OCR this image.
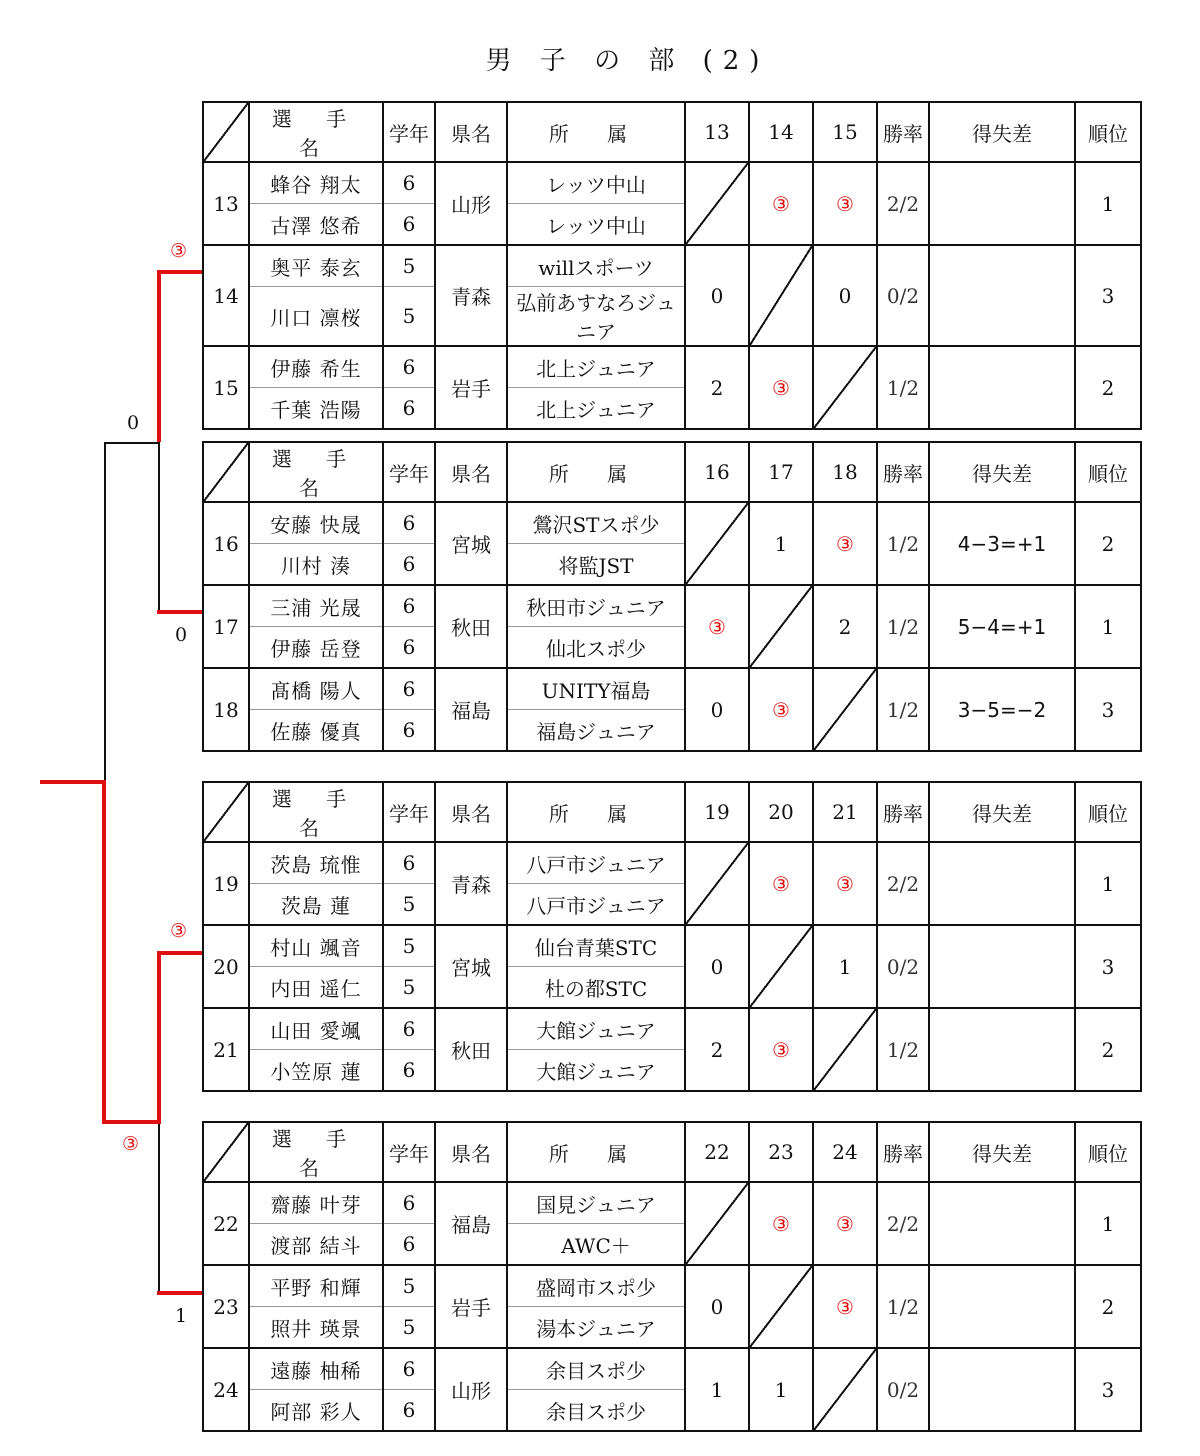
男 子 の 部 (2)
	選 手 名	学年	県名	所 属	13	14	15	勝率	得失差	順位
13	蜂谷 翔太	6	山形	レッツ中山		③	③	2/2		1
	古澤 悠希	6		レッツ中山						
14	奥平 泰玄	5	青森	willスポーツ	0		0	0/2		3
	川口 凛桜	5		弘前あすなろジュニア						
15	伊藤 希生	6	岩手	北上ジュニア	2	③		1/2		2
	千葉 浩陽	6		北上ジュニア						
	選 手 名	学年	県名	所 属	16	17	18	勝率	得失差	順位
16	安藤 快晟	6	宮城	鶯沢STスポ少		1	③	1/2	4−3=+1	2
	川村 湊	6		将監JST						
17	三浦 光晟	6	秋田	秋田市ジュニア	③		2	1/2	5−4=+1	1
	伊藤 岳登	6		仙北スポ少						
18	髙橋 陽人	6	福島	UNITY福島	0	③		1/2	3−5=−2	3
	佐藤 優真	6		福島ジュニア						
	選 手 名	学年	県名	所 属	19	20	21	勝率	得失差	順位
19	茨島 琉惟	6	青森	八戸市ジュニア		③	③	2/2		1
	茨島 蓮	5		八戸市ジュニア						
20	村山 颯音	5	宮城	仙台青葉STC	0		1	0/2		3
	内田 遥仁	5		杜の都STC						
21	山田 愛颯	6	秋田	大館ジュニア	2	③		1/2		2
	小笠原 蓮	6		大館ジュニア						
	選 手 名	学年	県名	所 属	22	23	24	勝率	得失差	順位
22	齋藤 叶芽	6	福島	国見ジュニア		③	③	2/2		1
	渡部 結斗	6		AWC＋						
23	平野 和輝	5	岩手	盛岡市スポ少	0		③	1/2		2
	照井 瑛景	5		湯本ジュニア						
24	遠藤 柚稀	6	山形	余目スポ少	1	1		0/2		3
	阿部 彩人	6		余目スポ少						
③
0
0
③
③
1
